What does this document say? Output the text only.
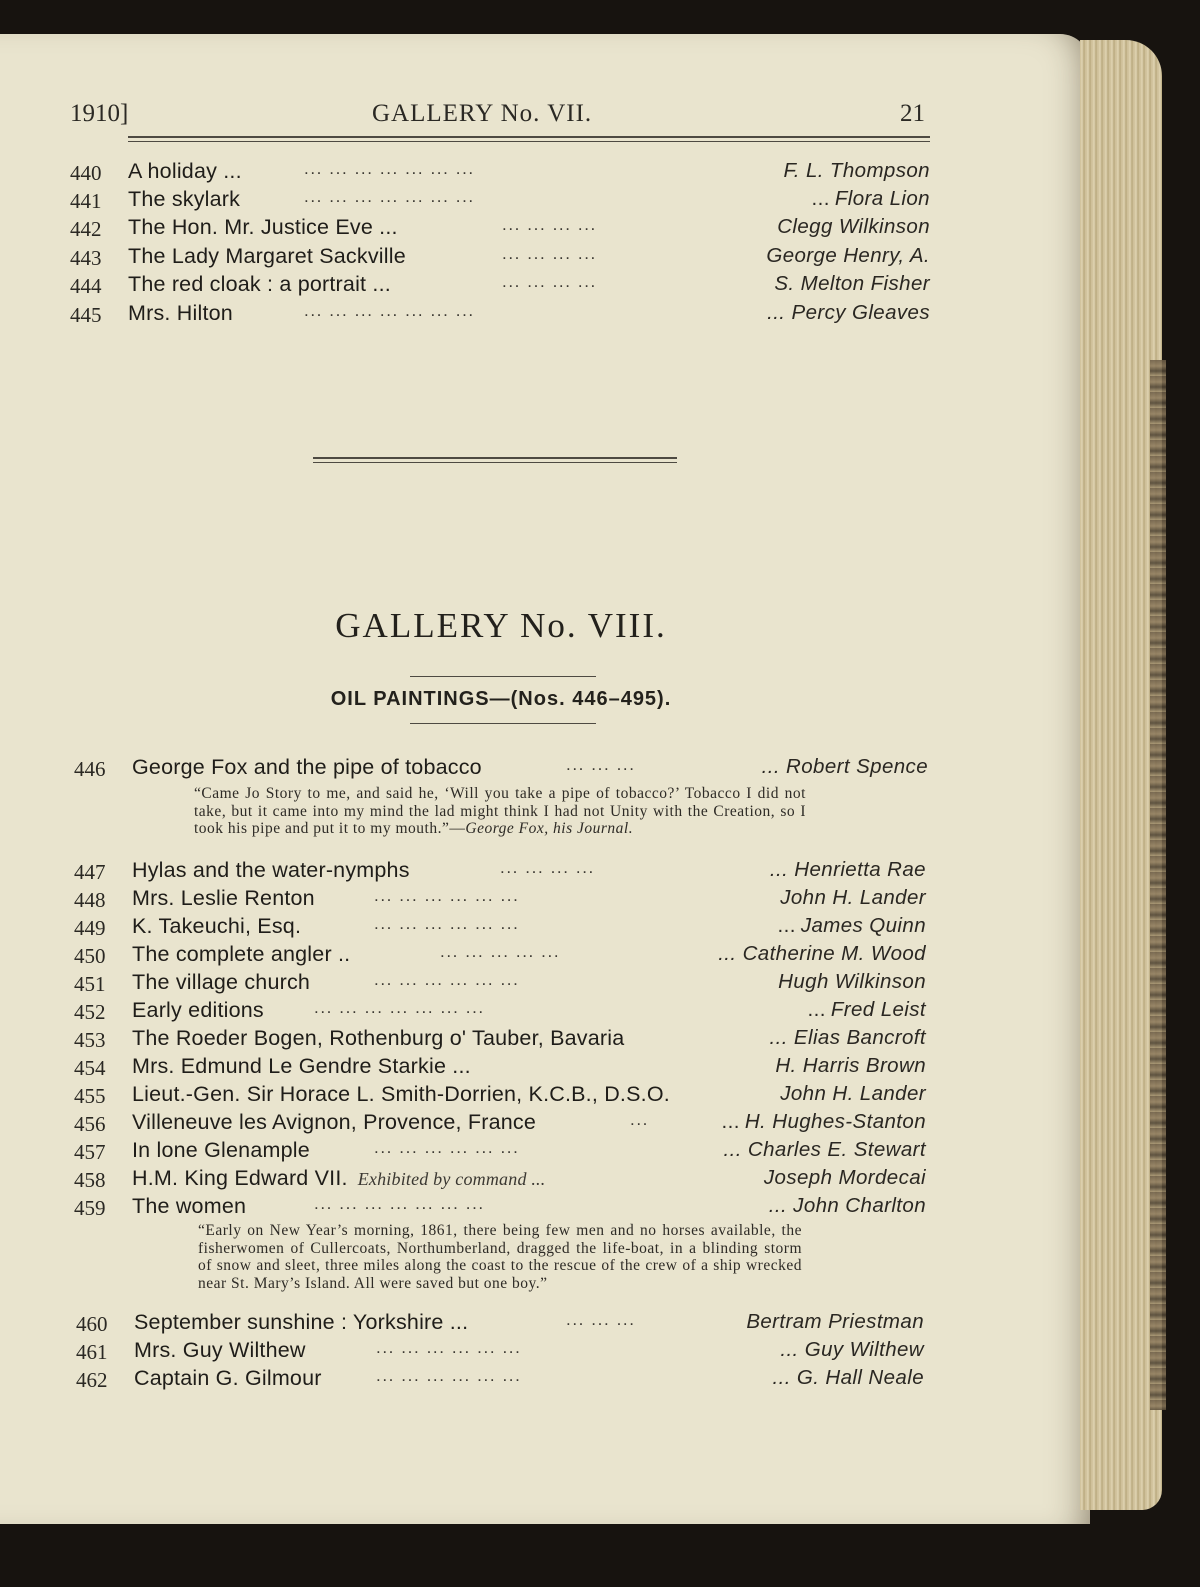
1910]	GALLERY No. VII.	21
440	A holiday ...	... ... ... ... ... ... ...	F. L. Thompson
441	The skylark	... ... ... ... ... ... ...	... Flora Lion
442	The Hon. Mr. Justice Eve ...	... ... ... ...	Clegg Wilkinson
443	The Lady Margaret Sackville	... ... ... ...	George Henry, A.
444	The red cloak : a portrait ...	... ... ... ...	S. Melton Fisher
445	Mrs. Hilton	... ... ... ... ... ... ...	... Percy Gleaves
GALLERY No. VIII.
OIL PAINTINGS—(Nos. 446–495).
446	George Fox and the pipe of tobacco	... ... ...	... Robert Spence
“Came Jo Story to me, and said he, ‘Will you take a pipe of tobacco?’ Tobacco I did not take, but it came into my mind the lad might think I had not Unity with the Creation, so I took his pipe and put it to my mouth.”—George Fox, his Journal.
447	Hylas and the water-nymphs	... ... ... ...	... Henrietta Rae
448	Mrs. Leslie Renton	... ... ... ... ... ...	John H. Lander
449	K. Takeuchi, Esq.	... ... ... ... ... ...	... James Quinn
450	The complete angler ..	... ... ... ... ...	... Catherine M. Wood
451	The village church	... ... ... ... ... ...	Hugh Wilkinson
452	Early editions	... ... ... ... ... ... ...	... Fred Leist
453	The Roeder Bogen, Rothenburg o' Tauber, Bavaria	... Elias Bancroft
454	Mrs. Edmund Le Gendre Starkie ...	H. Harris Brown
455	Lieut.-Gen. Sir Horace L. Smith-Dorrien, K.C.B., D.S.O.	John H. Lander
456	Villeneuve les Avignon, Provence, France	...	... H. Hughes-Stanton
457	In lone Glenample	... ... ... ... ... ...	... Charles E. Stewart
458	H.M. King Edward VII. Exhibited by command ...	Joseph Mordecai
459	The women	... ... ... ... ... ... ...	... John Charlton
“Early on New Year’s morning, 1861, there being few men and no horses available, the fisherwomen of Cullercoats, Northumberland, dragged the life-boat, in a blinding storm of snow and sleet, three miles along the coast to the rescue of the crew of a ship wrecked near St. Mary’s Island. All were saved but one boy.”
460	September sunshine : Yorkshire ...	... ... ...	Bertram Priestman
461	Mrs. Guy Wilthew	... ... ... ... ... ...	... Guy Wilthew
462	Captain G. Gilmour	... ... ... ... ... ...	... G. Hall Neale
